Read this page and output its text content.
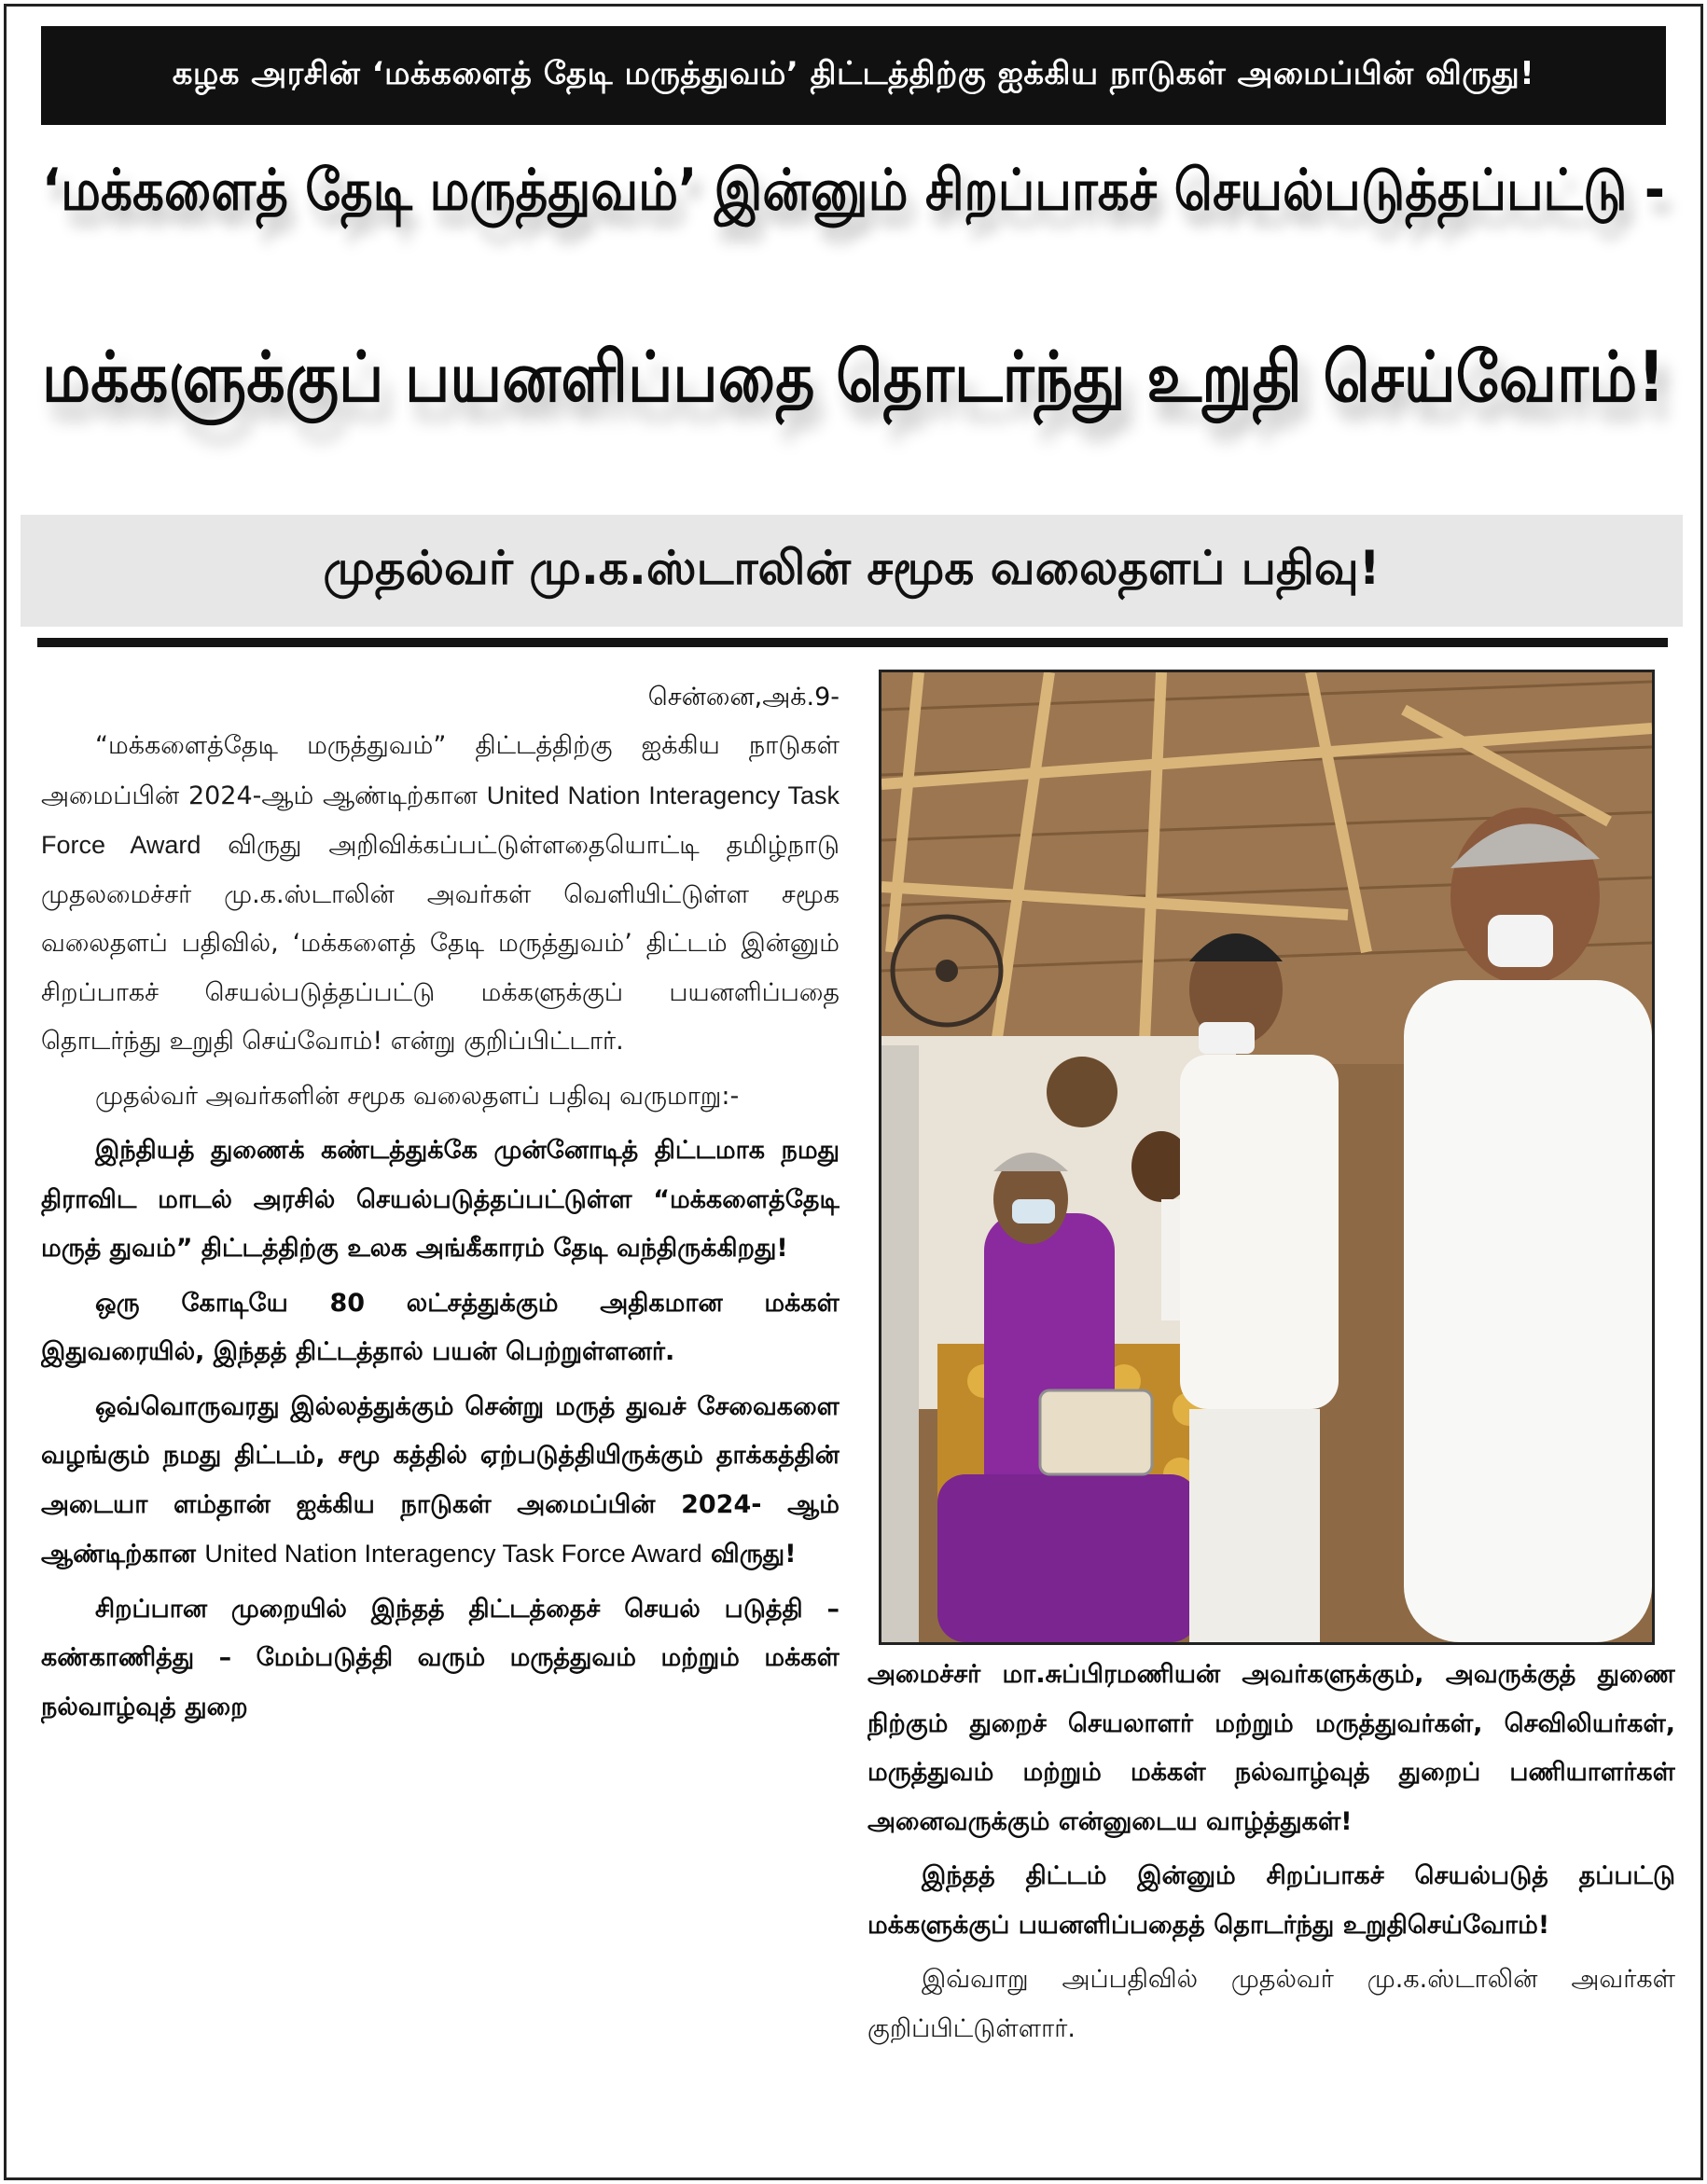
கழக அரசின் ‘மக்களைத் தேடி மருத்துவம்’ திட்டத்திற்கு ஐக்கிய நாடுகள் அமைப்பின் விருது!
‘மக்களைத் தேடி மருத்துவம்’ இன்னும் சிறப்பாகச் செயல்படுத்தப்பட்டு -
மக்களுக்குப் பயனளிப்பதை தொடர்ந்து உறுதி செய்வோம்!
முதல்வர் மு.க.ஸ்டாலின் சமூக வலைதளப் பதிவு!
சென்னை,அக்.9-

“மக்களைத்தேடி மருத்துவம்” திட்டத்திற்கு ஐக்கிய நாடுகள் அமைப்பின் 2024-ஆம் ஆண்டிற்கான United Nation Interagency Task Force Award விருது அறிவிக்கப்பட்டுள்ளதையொட்டி தமிழ்நாடு முதலமைச்சர் மு.க.ஸ்டாலின் அவர்கள் வெளியிட்டுள்ள சமூக வலைதளப் பதிவில், ‘மக்களைத் தேடி மருத்துவம்’ திட்டம் இன்னும் சிறப்பாகச் செயல்படுத்தப்பட்டு மக்களுக்குப் பயனளிப்பதை தொடர்ந்து உறுதி செய்வோம்! என்று குறிப்பிட்டார்.

முதல்வர் அவர்களின் சமூக வலைதளப் பதிவு வருமாறு:-

இந்தியத் துணைக் கண்டத்துக்கே முன்னோடித் திட்டமாக நமது திராவிட மாடல் அரசில் செயல்படுத்தப்பட்டுள்ள “மக்களைத்தேடி மருத் துவம்” திட்டத்திற்கு உலக அங்கீகாரம் தேடி வந்திருக்கிறது!

ஒரு கோடியே 80 லட்சத்துக்கும் அதிகமான மக்கள் இதுவரையில், இந்தத் திட்டத்தால் பயன் பெற்றுள்ளனர்.

ஒவ்வொருவரது இல்லத்துக்கும் சென்று மருத் துவச் சேவைகளை வழங்கும் நமது திட்டம், சமூ கத்தில் ஏற்படுத்தியிருக்கும் தாக்கத்தின் அடையா ளம்தான் ஐக்கிய நாடுகள் அமைப்பின் 2024- ஆம் ஆண்டிற்கான United Nation Interagency Task Force Award விருது!

சிறப்பான முறையில் இந்தத் திட்டத்தைச் செயல் படுத்தி – கண்காணித்து – மேம்படுத்தி வரும் மருத்துவம் மற்றும் மக்கள் நல்வாழ்வுத் துறை

அமைச்சர் மா.சுப்பிரமணியன் அவர்களுக்கும், அவருக்குத் துணை நிற்கும் துறைச் செயலாளர் மற்றும் மருத்துவர்கள், செவிலியர்கள், மருத்துவம் மற்றும் மக்கள் நல்வாழ்வுத் துறைப் பணியாளர்கள் அனைவருக்கும் என்னுடைய வாழ்த்துகள்!

இந்தத் திட்டம் இன்னும் சிறப்பாகச் செயல்படுத் தப்பட்டு மக்களுக்குப் பயனளிப்பதைத் தொடர்ந்து உறுதிசெய்வோம்!

இவ்வாறு அப்பதிவில் முதல்வர் மு.க.ஸ்டாலின் அவர்கள் குறிப்பிட்டுள்ளார்.
